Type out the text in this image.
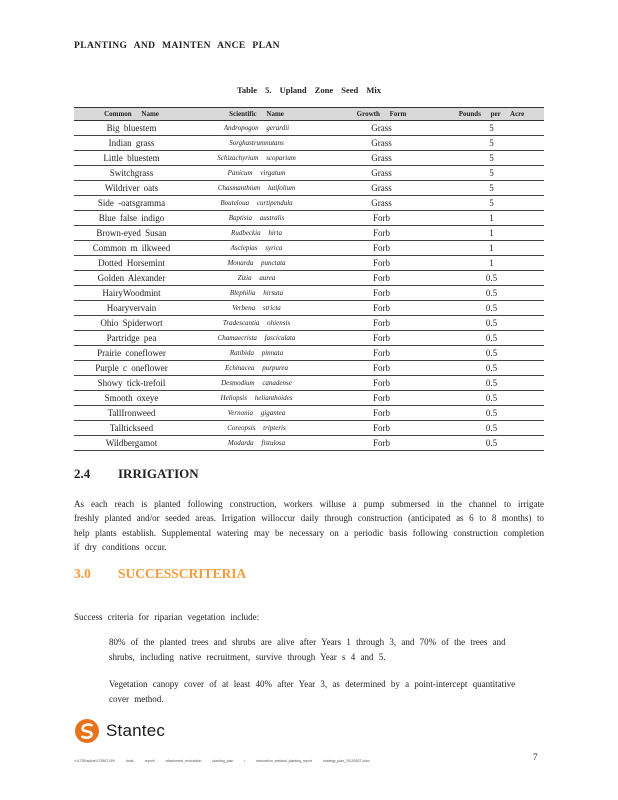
PLANTING AND MAINTEN ANCE PLAN
Table 5. Upland Zone Seed Mix
Common Name	Scientific Name	Growth Form	Pounds per Acre
Big bluestem	Andropogon gerardii	Grass	5
Indian grass	Sorghastrumnutans	Grass	5
Little bluestem	Schizachyrium scoparium	Grass	5
Switchgrass	Panicum virgatum	Grass	5
Wildriver oats	Chasmanthium latifolium	Grass	5
Side -oatsgramma	Bouteloua curtipendula	Grass	5
Blue false indigo	Baptisia australis	Forb	1
Brown-eyed Susan	Rudbeckia hirta	Forb	1
Common m ilkweed	Asclepias syrica	Forb	1
Dotted Horsemint	Monarda punctata	Forb	1
Golden Alexander	Zizia aurea	Forb	0.5
HairyWoodmint	Blephilia hirsuta	Forb	0.5
Hoaryvervain	Verbena stricta	Forb	0.5
Ohio Spiderwort	Tradescantia ohiensis	Forb	0.5
Partridge pea	Chamaecrista fasciculata	Forb	0.5
Prairie coneflower	Ratibida pinnata	Forb	0.5
Purple c oneflower	Echinacea purpurea	Forb	0.5
Showy tick-trefoil	Desmodium canadense	Forb	0.5
Smooth oxeye	Heliopsis helianthoides	Forb	0.5
TallIronweed	Vernonia gigantea	Forb	0.5
Talltickseed	Coreopsis tripteris	Forb	0.5
Wildbergamot	Modarda fistulosa	Forb	0.5
2.4 IRRIGATION

As each reach is planted following construction, workers willuse a pump submersed in the channel to irrigate freshly planted and/or seeded areas. Irrigation willoccur daily through construction (anticipated as 6 to 8 months) to help plants establish. Supplemental watering may be necessary on a periodic basis following construction completion if dry conditions occur.

3.0 SUCCESSCRITERIA

Success criteria for riparian vegetation include:

80% of the planted trees and shrubs are alive after Years 1 through 3, and 70% of the trees and shrubs, including native recruitment, survive through Year s 4 and 5.
Vegetation canopy cover of at least 40% after Year 3, as determined by a point-intercept quantitative cover method.
Stantec
v:\1755\active\175567139\ dsta\ report\ attachment_restoration planting_plan \ restoration_wetland_planting_report strategy_plan_20150527.docx	7
